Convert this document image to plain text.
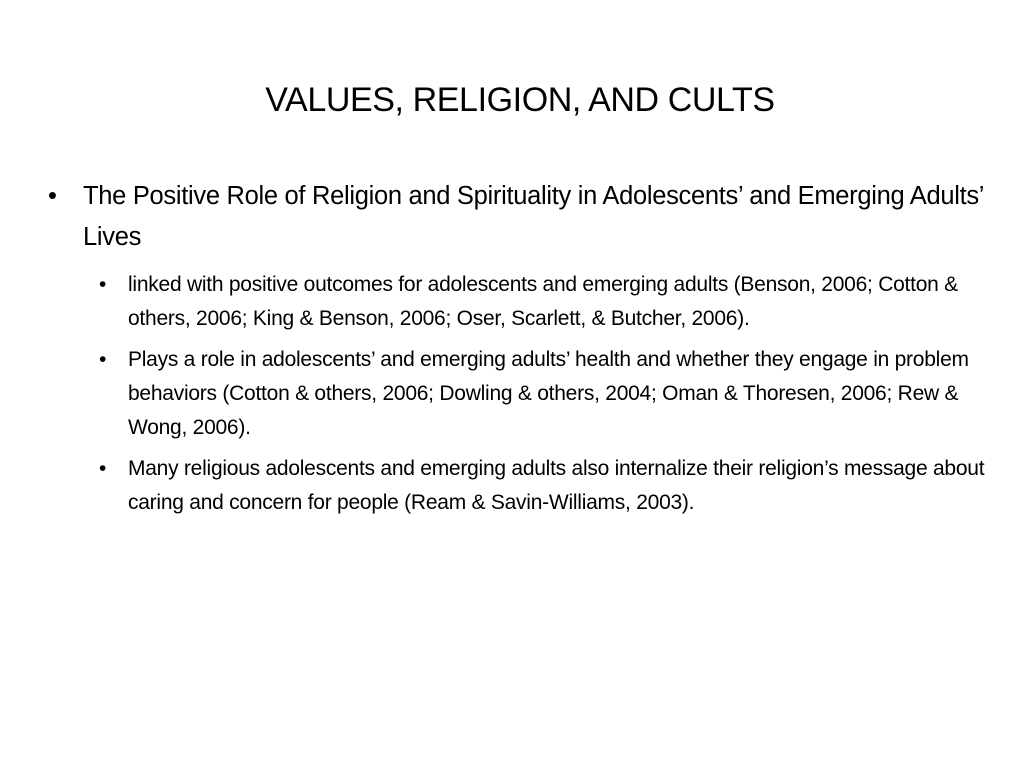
VALUES, RELIGION, AND CULTS
• The Positive Role of Religion and Spirituality in Adolescents’ and Emerging Adults’ Lives
• linked with positive outcomes for adolescents and emerging adults (Benson, 2006; Cotton & others, 2006; King & Benson, 2006; Oser, Scarlett, & Butcher, 2006).
• Plays a role in adolescents’ and emerging adults’ health and whether they engage in problem behaviors (Cotton & others, 2006; Dowling & others, 2004; Oman & Thoresen, 2006; Rew & Wong, 2006).
• Many religious adolescents and emerging adults also internalize their religion’s message about caring and concern for people (Ream & Savin-Williams, 2003).
